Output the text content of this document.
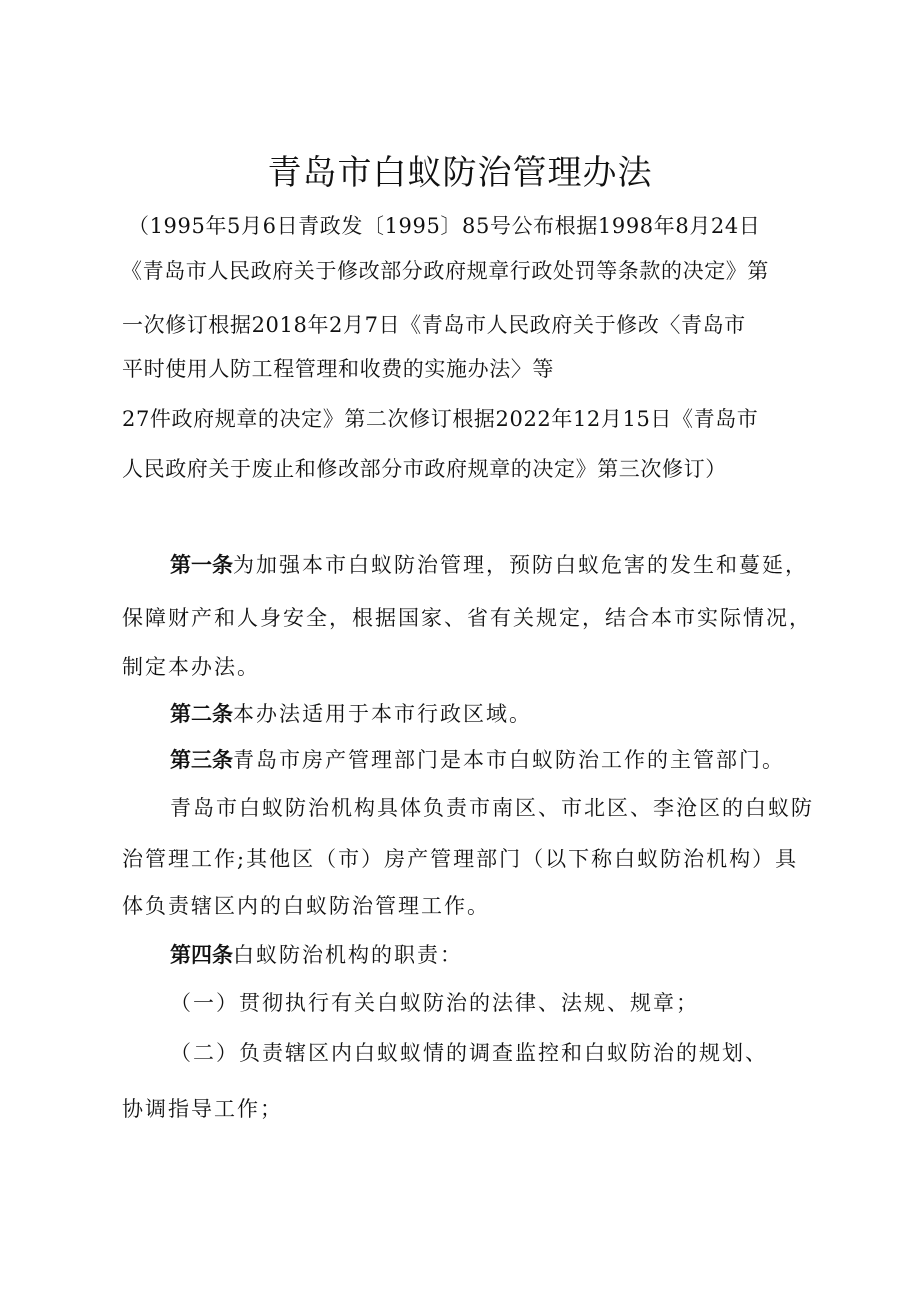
青岛市白蚁防治管理办法
（1995年5月6日青政发〔1995〕85号公布根据1998年8月24日
《青岛市人民政府关于修改部分政府规章行政处罚等条款的决定》第
一次修订根据2018年2月7日《青岛市人民政府关于修改〈青岛市
平时使用人防工程管理和收费的实施办法〉等
27件政府规章的决定》第二次修订根据2022年12月15日《青岛市
人民政府关于废止和修改部分市政府规章的决定》第三次修订）
第一条为加强本市白蚁防治管理，预防白蚁危害的发生和蔓延，
保障财产和人身安全，根据国家、省有关规定，结合本市实际情况，
制定本办法。
第二条本办法适用于本市行政区域。
第三条青岛市房产管理部门是本市白蚁防治工作的主管部门。
青岛市白蚁防治机构具体负责市南区、市北区、李沧区的白蚁防
治管理工作;其他区（市）房产管理部门（以下称白蚁防治机构）具
体负责辖区内的白蚁防治管理工作。
第四条白蚁防治机构的职责：
（一）贯彻执行有关白蚁防治的法律、法规、规章；
（二）负责辖区内白蚁蚁情的调查监控和白蚁防治的规划、
协调指导工作；
